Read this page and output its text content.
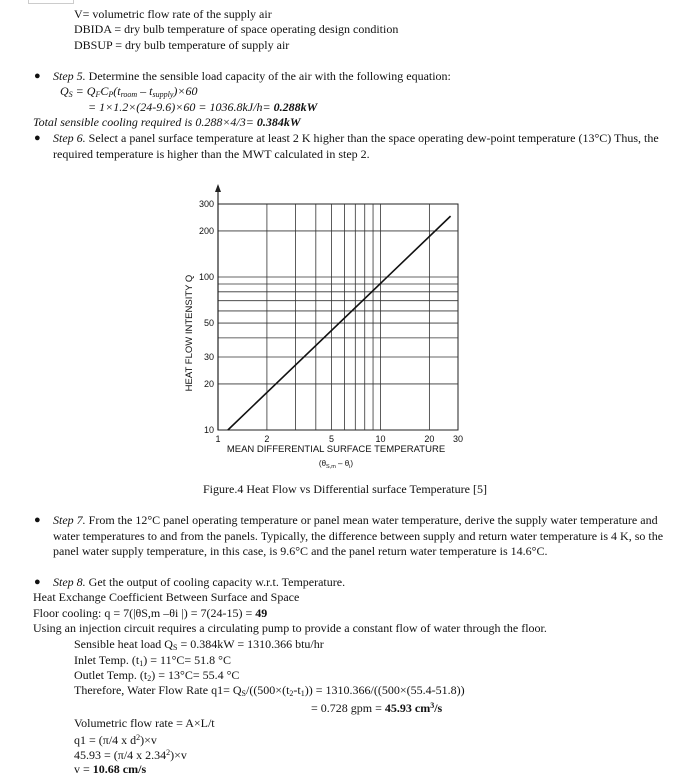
V= volumetric flow rate of the supply air
DBIDA = dry bulb temperature of space operating design condition
DBSUP = dry bulb temperature of supply air
● Step 5. Determine the sensible load capacity of the air with the following equation:
$Q_S = Q_FC_P(t_{room} - t_{supply})\times 60$
= 1×1.2×(24-9.6)×60 = 1036.8kJ/h= 0.288kW
Total sensible cooling required is 0.288×4/3= 0.384kW
● Step 6. Select a panel surface temperature at least 2 K higher than the space operating dew-point temperature (13°C) Thus, the
required temperature is higher than the MWT calculated in step 2.
1	2	5	10	20 30
10
20
30
50
100
200
300
MEAN DIFFERENTIAL SURFACE TEMPERATURE
$(\theta_{S,m} - \theta_i)$
HEAT FLOW INTENSITY Q
Figure.4 Heat Flow vs Differential surface Temperature [5]
● Step 7. From the 12°C panel operating temperature or panel mean water temperature, derive the supply water temperature and
water temperatures to and from the panels. Typically, the difference between supply and return water temperature is 4 K, so the
panel water supply temperature, in this case, is 9.6°C and the panel return water temperature is 14.6°C.
● Step 8. Get the output of cooling capacity w.r.t. Temperature.
Heat Exchange Coefficient Between Surface and Space
Floor cooling: q = 7(|θS,m –θi |) = 7(24-15) = 49
Using an injection circuit requires a circulating pump to provide a constant flow of water through the floor.
Sensible heat load $Q_S = 0.384kW = 1310.366$ btu/hr
Inlet Temp. $(t_1) = 11^\circ C= 51.8$ °C
Outlet Temp. $(t_2) = 13^\circ C= 55.4$ °C
Therefore, Water Flow Rate $q1= Q_S/((500\times(t_2-t_1)) = 1310.366/((500\times(55.4-51.8))$
= 0.728 gpm = 45.93 $cm^3/s$
Volumetric flow rate = A×L/t
q1 = (π/4 x $d^2)\times v$
45.93 = (π/4 x $2.34^2)\times v$
v = 10.68 cm/s
